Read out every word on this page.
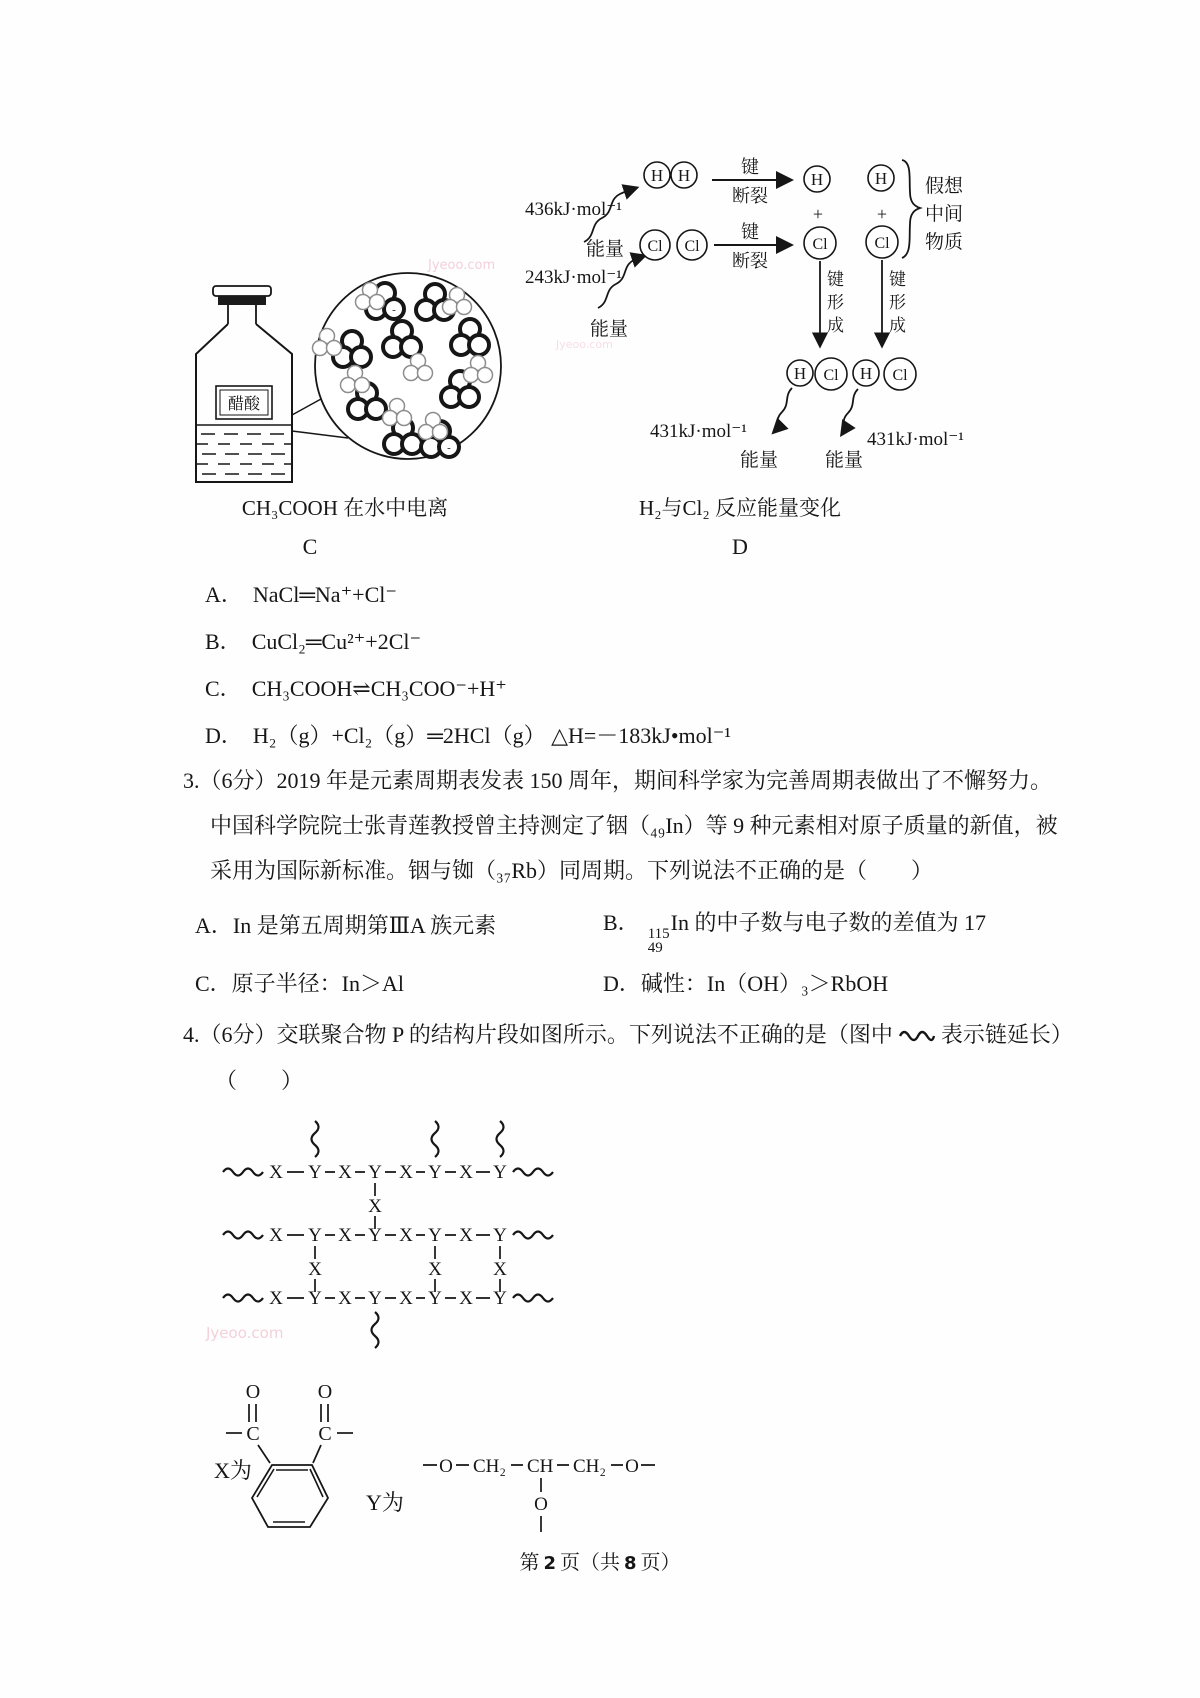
Jyeoo.com
Jyeoo.com
Jyeoo.com
醋酸
-
-
CH₃COOH 在水中电离
C
436kJ·mol⁻¹
能量
243kJ·mol⁻¹
能量
H H
Cl Cl
键
断裂
键
断裂
H
+
Cl
H
+
Cl
假想
中间
物质
键
形
成
键
形
成
H Cl H Cl
431kJ·mol⁻¹	431kJ·mol⁻¹
能量 能量
H₂与Cl₂ 反应能量变化
D
A． NaCl═Na⁺+Cl⁻
B． CuCl₂═Cu²⁺+2Cl⁻
C． CH₃COOH⇌CH₃COO⁻+H⁺
D． H₂（g）+Cl₂（g）═2HCl（g） △H=－183kJ•mol⁻¹
3.（6分）2019 年是元素周期表发表 150 周年，期间科学家为完善周期表做出了不懈努力。
中国科学院院士张青莲教授曾主持测定了铟（₄₉In）等 9 种元素相对原子质量的新值，被
采用为国际新标准。铟与铷（₃₇Rb）同周期。下列说法不正确的是（　　）
A．In 是第五周期第ⅢA 族元素	B． 115
49
In 的中子数与电子数的差值为 17
C．原子半径：In＞Al	D．碱性：In（OH）₃＞RbOH
4.（6分）交联聚合物 P 的结构片段如图所示。下列说法不正确的是（图中 表示链延长）
（　　）
X Y X Y X Y X Y
X Y X Y X Y X Y
X Y X Y X Y X Y
X
X	X	X
X为
O	O
C	C
Y为
O CH₂ CH CH₂ O
O
第 2 页（共 8 页）
